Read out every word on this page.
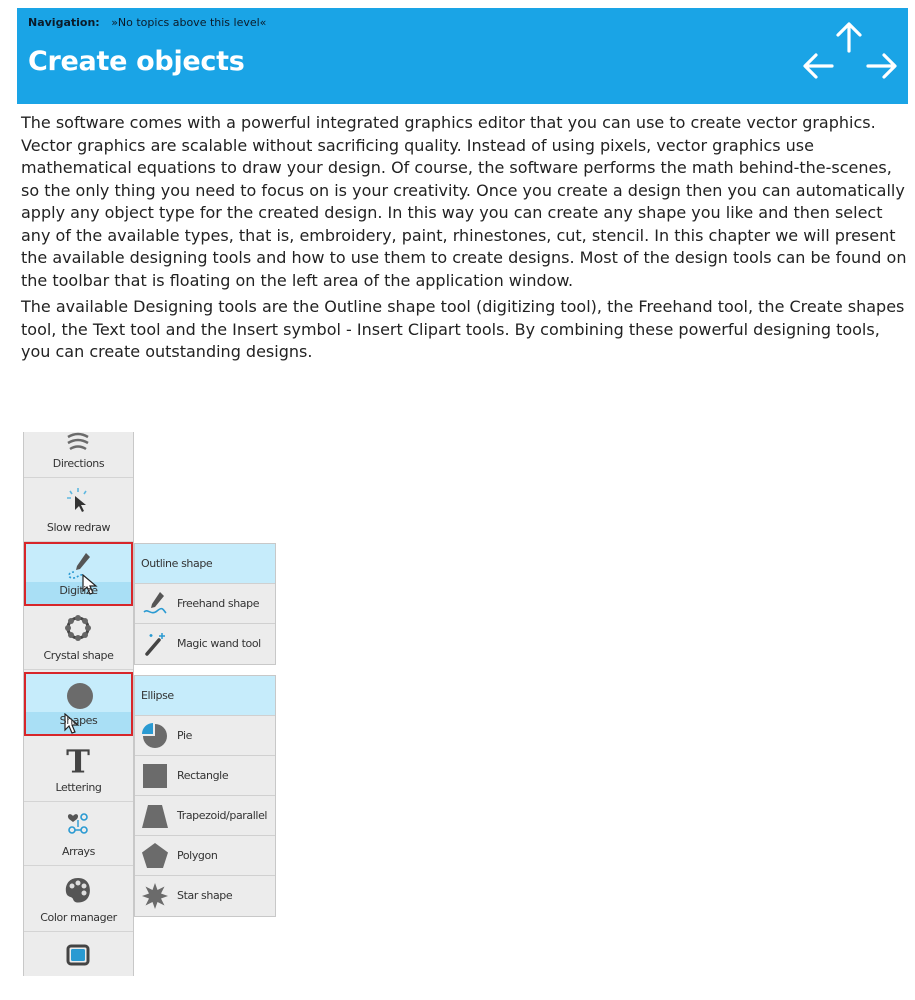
Navigation: »No topics above this level«
Create objects

The software comes with a powerful integrated graphics editor that you can use to create vector graphics. Vector graphics are scalable without sacrificing quality. Instead of using pixels, vector graphics use mathematical equations to draw your design. Of course, the software performs the math behind-the-scenes, so the only thing you need to focus on is your creativity. Once you create a design then you can automatically apply any object type for the created design. In this way you can create any shape you like and then select any of the available types, that is, embroidery, paint, rhinestones, cut, stencil. In this chapter we will present the available designing tools and how to use them to create designs. Most of the design tools can be found on the toolbar that is floating on the left area of the application window.

The available Designing tools are the Outline shape tool (digitizing tool), the Freehand tool, the Create shapes tool, the Text tool and the Insert symbol - Insert Clipart tools. By combining these powerful designing tools, you can create outstanding designs.

Directions
Slow redraw
Digitize
Crystal shape
Shapes
T
Lettering
Arrays
Color manager
Outline shape
Freehand shape
Magic wand tool
Ellipse
Pie
Rectangle
Trapezoid/parallel
Polygon
Star shape
